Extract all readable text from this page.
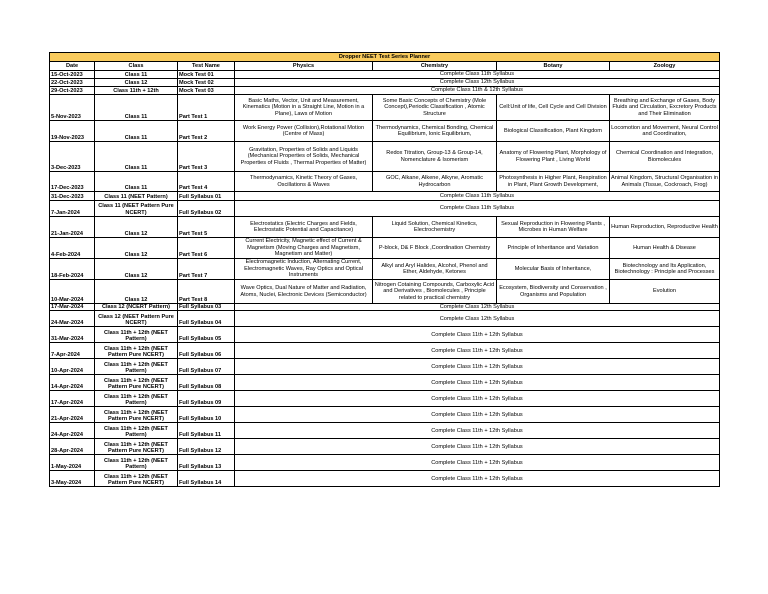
Dropper NEET Test Series Planner						
Date	Class	Test Name	Physics	Chemistry	Botany	Zoology
15-Oct-2023	Class 11	Mock Test 01	Complete Class 11th Syllabus			
22-Oct-2023	Class 12	Mock Test 02	Complete Class 12th Syllabus			
29-Oct-2023	Class 11th + 12th	Mock Test 03	Complete Class 11th & 12th Syllabus			
5-Nov-2023	Class 11	Part Test 1	Basic Maths, Vector, Unit and Measurement, Kinematics (Motion in a Straight Line, Motion in a Plane), Laws of Motion	Some Basic Concepts of Chemistry (Mole Concept),Periodic Classification , Atomic Structure	Cell:Unit of life, Cell Cycle and Cell Division	Breathing and Exchange of Gases, Body Fluids and Circulation, Excretory Products and Their Elimination
19-Nov-2023	Class 11	Part Test 2	Work Energy Power (Collision),Rotational Motion (Centre of Mass)	Thermodynamics, Chemical Bonding, Chemical Equilibrium, Ionic Equilibrium,	Biological Classification, Plant Kingdom	Locomotion and Movement, Neural Control and Coordination,
3-Dec-2023	Class 11	Part Test 3	Gravitation, Properties of Solids and Liquids (Mechanical Properties of Solids, Mechanical Properties of Fluids , Thermal Properties of Matter)	Redox Titration, Group-13 & Group-14, Nomenclature & Isomerism	Anatomy of Flowering Plant, Morphology of Flowering Plant , Living World	Chemical Coordination and Integration, Biomolecules
17-Dec-2023	Class 11	Part Test 4	Thermodynamics, Kinetic Theory of Gases, Oscillations & Waves	GOC, Alkane, Alkene, Alkyne, Aromatic Hydrocarbon	Photosynthesis in Higher Plant, Respiration in Plant, Plant Growth Development,	Animal Kingdom, Structural Organisation in Animals (Tissue, Cockroach, Frog)
31-Dec-2023	Class 11 (NEET Pattern)	Full Syllabus 01	Complete Class 11th Syllabus			
7-Jan-2024	Class 11 (NEET Pattern Pure NCERT)	Full Syllabus 02	Complete Class 11th Syllabus			
21-Jan-2024	Class 12	Part Test 5	Electrostatics (Electric Charges and Fields, Electrostatic Potential and Capacitance)	Liquid Solution, Chemical Kinetics, Electrochemistry	Sexual Reproduction in Flowering Plants , Microbes in Human Welfare	Human Reproduction, Reproductive Health
4-Feb-2024	Class 12	Part Test 6	Current Electricity, Magnetic effect of Current & Magnetism (Moving Charges and Magnetism, Magnetism and Matter)	P-block, D& F Block ,Coordination Chemistry	Principle of Inheritance and Variation	Human Health & Disease
18-Feb-2024	Class 12	Part Test 7	Electromagnetic Induction, Alternating Current, Electromagnetic Waves, Ray Optics and Optical Instruments	Alkyl and Aryl Halides, Alcohol, Phenol and Ether, Aldehyde, Ketones	Molecular Basis of Inheritance,	Biotechnology and Its Application, Biotechnology : Principle and Processes
10-Mar-2024	Class 12	Part Test 8	Wave Optics, Dual Nature of Matter and Radiation, Atoms, Nuclei, Electronic Devices (Semiconductor)	Nitrogen Cotaining Compounds, Carboxylic Acid and Derivatives , Biomolecules , Principle related to practical chemistry	Ecosystem, Biodiversity and Conservation , Organisms and Population	Evolution
17-Mar-2024	Class 12 (NCERT Pattern)	Full Syllabus 03	Complete Class 12th Syllabus			
24-Mar-2024	Class 12 (NEET Pattern Pure NCERT)	Full Syllabus 04	Complete Class 12th Syllabus			
31-Mar-2024	Class 11th + 12th (NEET Pattern)	Full Syllabus 05	Complete Class 11th + 12th Syllabus			
7-Apr-2024	Class 11th + 12th (NEET Pattern Pure NCERT)	Full Syllabus 06	Complete Class 11th + 12th Syllabus			
10-Apr-2024	Class 11th + 12th (NEET Pattern)	Full Syllabus 07	Complete Class 11th + 12th Syllabus			
14-Apr-2024	Class 11th + 12th (NEET Pattern Pure NCERT)	Full Syllabus 08	Complete Class 11th + 12th Syllabus			
17-Apr-2024	Class 11th + 12th (NEET Pattern)	Full Syllabus 09	Complete Class 11th + 12th Syllabus			
21-Apr-2024	Class 11th + 12th (NEET Pattern Pure NCERT)	Full Syllabus 10	Complete Class 11th + 12th Syllabus			
24-Apr-2024	Class 11th + 12th (NEET Pattern)	Full Syllabus 11	Complete Class 11th + 12th Syllabus			
28-Apr-2024	Class 11th + 12th (NEET Pattern Pure NCERT)	Full Syllabus 12	Complete Class 11th + 12th Syllabus			
1-May-2024	Class 11th + 12th (NEET Pattern)	Full Syllabus 13	Complete Class 11th + 12th Syllabus			
3-May-2024	Class 11th + 12th (NEET Pattern Pure NCERT)	Full Syllabus 14	Complete Class 11th + 12th Syllabus			
